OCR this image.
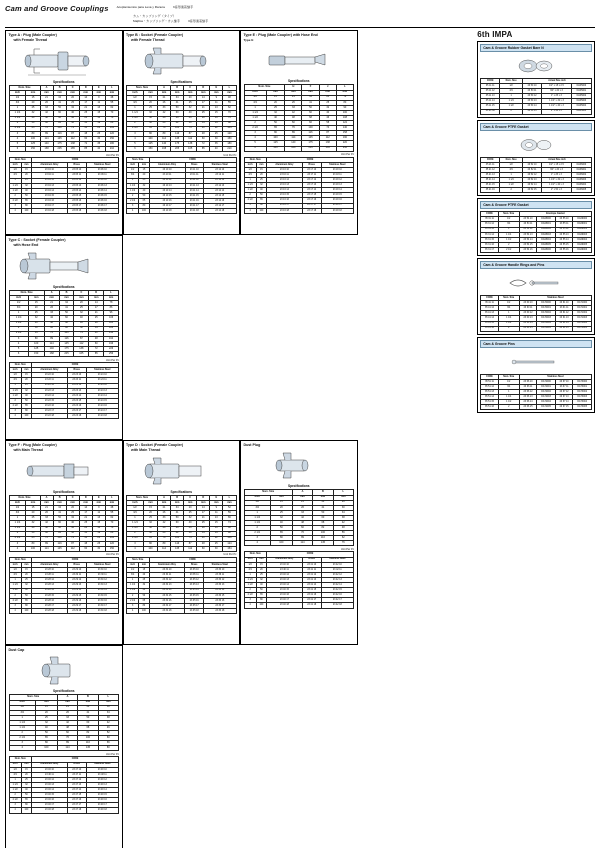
Cam and Groove Couplings	Acoplamientos para Leva y Ranura	3係形速着継手
カム・カップリング（タイプ）
Maβlos・カップリング・カム継手	3係形速着継手
Type A : Plug (Male Coupler)
with Female Thread
Specifications
Nom. Size		A	B	C	D	E	L
inch	mm	mm	mm	mm	mm	mm	mm
1/2	15	21	34	20	14	9	48
3/4	20	26	41	25	17	11	55
1	25	33	50	32	21	13	62
1 1/4	32	42	60	40	25	15	70
1 1/2	40	48	68	46	28	16	76
2	50	60	82	58	34	19	88
2 1/2	65	76	100	74	41	22	104
3	80	89	116	87	48	25	120
4	100	114	145	112	60	30	150
5	125	140	175	138	72	35	180
6	150	168	205	165	85	40	210
Unit Per Pc
Nom. Size		CODE		
inch	mm	Aluminium Alloy	Brass	Stainless Steel
1/2	15	23 04 10	23 05 10	23 06 10
3/4	20	23 04 11	23 05 11	23 06 11
1	25	23 04 12	23 05 12	23 06 12
1 1/4	32	23 04 13	23 05 13	23 06 13
1 1/2	40	23 04 14	23 05 14	23 06 14
2	50	23 04 15	23 05 15	23 06 15
2 1/2	65	23 04 16	23 05 16	23 06 16
3	80	23 04 17	23 05 17	23 06 17
4	100	23 04 18	23 05 18	23 06 18
Type B : Socket (Female Coupler)
with Female Thread
Specifications
Nom. Size		A	B	C	D	E	L
inch	mm	mm	mm	mm	mm	mm	mm
1/2	15	21	34	20	14	9	48
3/4	20	26	41	25	17	11	55
1	25	33	50	32	21	13	62
1 1/4	32	42	60	40	25	15	70
1 1/2	40	48	68	46	28	16	76
2	50	60	82	58	34	19	88
2 1/2	65	76	100	74	41	22	104
3	80	89	116	87	48	25	120
4	100	114	145	112	60	30	150
5	125	140	175	138	72	35	180
6	150	168	205	165	85	40	210
Unit Per Pc
Nom. Size		CODE		
inch	mm	Aluminium Alloy	Brass	Stainless Steel
1/2	15	23 10 10	23 11 10	23 12 10
3/4	20	23 10 11	23 11 11	23 12 11
1	25	23 10 12	23 11 12	23 12 12
1 1/4	32	23 10 13	23 11 13	23 12 13
1 1/2	40	23 10 14	23 11 14	23 12 14
2	50	23 10 15	23 11 15	23 12 15
2 1/2	65	23 10 16	23 11 16	23 12 16
3	80	23 10 17	23 11 17	23 12 17
4	100	23 10 18	23 11 18	23 12 18
Type E : Plug (Male Coupler) with Hose End
Type E
Specifications
Nom. Size		H	F	J	L
inch	mm	mm	mm	mm	mm
1/2	15	21	34	20	72
3/4	20	26	41	25	80
1	25	33	50	32	90
1 1/4	32	42	60	40	100
1 1/2	40	48	68	46	108
2	50	60	82	58	122
2 1/2	65	76	100	74	140
3	80	89	116	87	158
4	100	114	145	112	190
5	125	140	175	138	220
6	150	168	205	165	250
Unit Per Pc
Nom. Size		CODE		
inch	mm	Aluminium Alloy	Brass	Stainless Steel
1/2	15	23 16 10	23 17 10	23 18 10
3/4	20	23 16 11	23 17 11	23 18 11
1	25	23 16 12	23 17 12	23 18 12
1 1/4	32	23 16 13	23 17 13	23 18 13
1 1/2	40	23 16 14	23 17 14	23 18 14
2	50	23 16 15	23 17 15	23 18 15
2 1/2	65	23 16 16	23 17 16	23 18 16
3	80	23 16 17	23 17 17	23 18 17
4	100	23 16 18	23 17 18	23 18 18
Type C : Socket (Female Coupler)
with Hose End
Specifications
Nom. Size		A	B	C	D	L
inch	mm	mm	mm	mm	mm	mm
1/2	15	21	34	20	14	78
3/4	20	26	41	25	17	86
1	25	33	50	32	21	96
1 1/4	32	42	60	40	25	106
1 1/2	40	48	68	46	28	114
2	50	60	82	58	34	128
2 1/2	65	76	100	74	41	146
3	80	89	116	87	48	164
4	100	114	145	112	60	196
5	125	140	175	138	72	226
6	150	168	205	165	85	256
Unit Per Pc
Nom. Size		CODE		
inch	mm	Aluminium Alloy	Brass	Stainless Steel
1/2	15	23 22 10	23 23 10	23 24 10
3/4	20	23 22 11	23 23 11	23 24 11
1	25	23 22 12	23 23 12	23 24 12
1 1/4	32	23 22 13	23 23 13	23 24 13
1 1/2	40	23 22 14	23 23 14	23 24 14
2	50	23 22 15	23 23 15	23 24 15
2 1/2	65	23 22 16	23 23 16	23 24 16
3	80	23 22 17	23 23 17	23 24 17
4	100	23 22 18	23 23 18	23 24 18
Type F : Plug (Male Coupler)
with Main Thread
Specifications
Nom. Size		A	B	C	D	E	L
inch	mm	mm	mm	mm	mm	mm	mm
1/2	15	21	34	20	14	9	48
3/4	20	26	41	25	17	11	55
1	25	33	50	32	21	13	62
1 1/4	32	42	60	40	25	15	70
1 1/2	40	48	68	46	28	16	76
2	50	60	82	58	34	19	88
2 1/2	65	76	100	74	41	22	104
3	80	89	116	87	48	25	120
4	100	114	145	112	60	30	150
Unit Per Pc
Nom. Size		CODE		
inch	mm	Aluminium Alloy	Brass	Stainless Steel
1/2	15	23 28 10	23 29 10	23 30 10
3/4	20	23 28 11	23 29 11	23 30 11
1	25	23 28 12	23 29 12	23 30 12
1 1/4	32	23 28 13	23 29 13	23 30 13
1 1/2	40	23 28 14	23 29 14	23 30 14
2	50	23 28 15	23 29 15	23 30 15
2 1/2	65	23 28 16	23 29 16	23 30 16
3	80	23 28 17	23 29 17	23 30 17
4	100	23 28 18	23 29 18	23 30 18
Type D : Socket (Female Coupler)
with Main Thread
Specifications
Nom. Size		A	B	C	D	E	L
inch	mm	mm	mm	mm	mm	mm	mm
1/2	15	21	34	20	14	9	52
3/4	20	26	41	25	17	11	59
1	25	33	50	32	21	13	66
1 1/4	32	42	60	40	25	15	74
1 1/2	40	48	68	46	28	16	80
2	50	60	82	58	34	19	92
2 1/2	65	76	100	74	41	22	108
3	80	89	116	87	48	25	124
4	100	114	145	112	60	30	154
Unit Per Pc
Nom. Size		CODE		
inch	mm	Aluminium Alloy	Brass	Stainless Steel
1/2	15	23 34 10	23 35 10	23 36 10
3/4	20	23 34 11	23 35 11	23 36 11
1	25	23 34 12	23 35 12	23 36 12
1 1/4	32	23 34 13	23 35 13	23 36 13
1 1/2	40	23 34 14	23 35 14	23 36 14
2	50	23 34 15	23 35 15	23 36 15
2 1/2	65	23 34 16	23 35 16	23 36 16
3	80	23 34 17	23 35 17	23 36 17
4	100	23 34 18	23 35 18	23 36 18
Dust Plug
Specifications
Nom. Size		A	B	L
inch	mm	mm	mm	mm
1/2	15	21	34	26
3/4	20	26	41	30
1	25	33	50	34
1 1/4	32	42	60	38
1 1/2	40	48	68	42
2	50	60	82	48
2 1/2	65	76	100	56
3	80	89	116	62
4	100	114	145	76
Unit Per Pc
Nom. Size		CODE		
inch	mm	Aluminium Alloy	Brass	Stainless Steel
1/2	15	23 40 10	23 41 10	23 42 10
3/4	20	23 40 11	23 41 11	23 42 11
1	25	23 40 12	23 41 12	23 42 12
1 1/4	32	23 40 13	23 41 13	23 42 13
1 1/2	40	23 40 14	23 41 14	23 42 14
2	50	23 40 15	23 41 15	23 42 15
2 1/2	65	23 40 16	23 41 16	23 42 16
3	80	23 40 17	23 41 17	23 42 17
4	100	23 40 18	23 41 18	23 42 18
Dust Cap
Specifications
Nom. Size		A	B	L
inch	mm	mm	mm	mm
1/2	15	21	34	30
3/4	20	26	41	34
1	25	33	50	38
1 1/4	32	42	60	42
1 1/2	40	48	68	46
2	50	60	82	52
2 1/2	65	76	100	60
3	80	89	116	66
4	100	114	145	80
Unit Per Pc
Nom. Size		CODE		
inch	mm	Aluminium Alloy	Brass	Stainless Steel
1/2	15	23 46 10	23 47 10	23 48 10
3/4	20	23 46 11	23 47 11	23 48 11
1	25	23 46 12	23 47 12	23 48 12
1 1/4	32	23 46 13	23 47 13	23 48 13
1 1/2	40	23 46 14	23 47 14	23 48 14
2	50	23 46 15	23 47 15	23 48 15
2 1/2	65	23 46 16	23 47 16	23 48 16
3	80	23 46 17	23 47 17	23 48 17
4	100	23 46 18	23 47 18	23 48 18
6th IMPA
Cam & Groove Rubber Gasket Bare N
CODE	Nom. Size	Actual Size inch		
35 11 11	1/2	23 50 10	1/2" x 15 x 2.5	DA65000
35 11 12	3/4	23 50 11	3/4" x 20 x 3	DA65001
35 11 13	1	23 50 12	1" x 25 x 3	DA65002
35 11 14	1 1/4	23 50 13	1 1/4" x 32 x 3	DA65003
35 11 15	1 1/2	23 50 14	1 1/2" x 40 x 3	DA65004
35 21 66	2	23 50 15	2" x 50 x 3	DA65005
Cam & Groove PTFE Gasket
CODE	Nom. Size	Actual Size inch		
35 21 11	1/2	23 52 10	1/2" x 15 x 2.5	DA66000
35 21 12	3/4	23 52 11	3/4" x 20 x 3	DA66001
35 21 13	1	23 52 12	1" x 25 x 3	DA66002
35 21 14	1 1/4	23 52 13	1 1/4" x 32 x 3	DA66003
35 21 15	1 1/2	23 52 14	1 1/2" x 40 x 3	DA66004
35 21 16	2	23 52 15	2" x 50 x 3	DA66005
Cam & Groove PTFE Gasket
CODE	Nom. Size	Envelope Gasket			
35 31 11	1/2	23 54 10	DA68000	23 55 10	DA69000
35 31 12	3/4	23 54 11	DA68001	23 55 11	DA69001
35 31 13	1	23 54 12	DA68002	23 55 12	DA69002
35 31 14	1 1/4	23 54 13	DA68003	23 55 13	DA69003
35 31 15	1 1/2	23 54 14	DA68004	23 55 14	DA69004
35 31 16	2	23 54 15	DA68005	23 55 15	DA69005
35 31 17	2 1/2	23 54 16	DA68006	23 55 16	DA69006
Cam & Groove Handle Rings and Pins
CODE	Nom. Size	Stainless Steel			
35 41 11	1/2	23 60 10	DA70000	23 61 10	DA71000
35 41 12	3/4	23 60 11	DA70001	23 61 11	DA71001
35 41 13	1	23 60 12	DA70002	23 61 12	DA71002
35 41 14	1 1/4	23 60 13	DA70003	23 61 13	DA71003
35 41 15	1 1/2	23 60 14	DA70004	23 61 14	DA71004
35 41 16	2	23 60 15	DA70005	23 61 15	DA71005
Cam & Groove Pins
CODE	Nom. Size	Stainless Steel			
35 51 11	1/2	23 66 10	DA72000	23 67 10	DA73000
35 51 12	3/4	23 66 11	DA72001	23 67 11	DA73001
35 51 13	1	23 66 12	DA72002	23 67 12	DA73002
35 51 14	1 1/4	23 66 13	DA72003	23 67 13	DA73003
35 51 15	1 1/2	23 66 14	DA72004	23 67 14	DA73004
35 51 16	2	23 66 15	DA72005	23 67 15	DA73005
